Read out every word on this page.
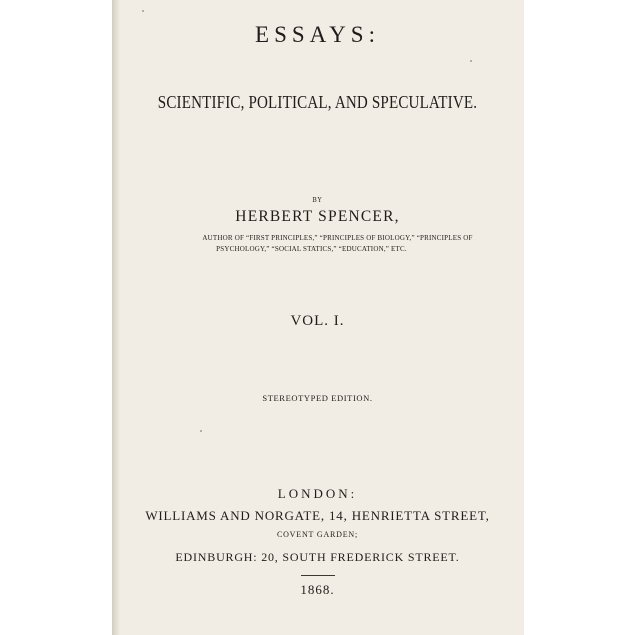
ESSAYS:
SCIENTIFIC, POLITICAL, AND SPECULATIVE.
BY
HERBERT SPENCER,
AUTHOR OF “FIRST PRINCIPLES,” “PRINCIPLES OF BIOLOGY,” “PRINCIPLES OF
PSYCHOLOGY,” “SOCIAL STATICS,” “EDUCATION,” ETC.
VOL. I.
STEREOTYPED EDITION.
LONDON:
WILLIAMS AND NORGATE, 14, HENRIETTA STREET,
COVENT GARDEN;
EDINBURGH: 20, SOUTH FREDERICK STREET.
1868.
